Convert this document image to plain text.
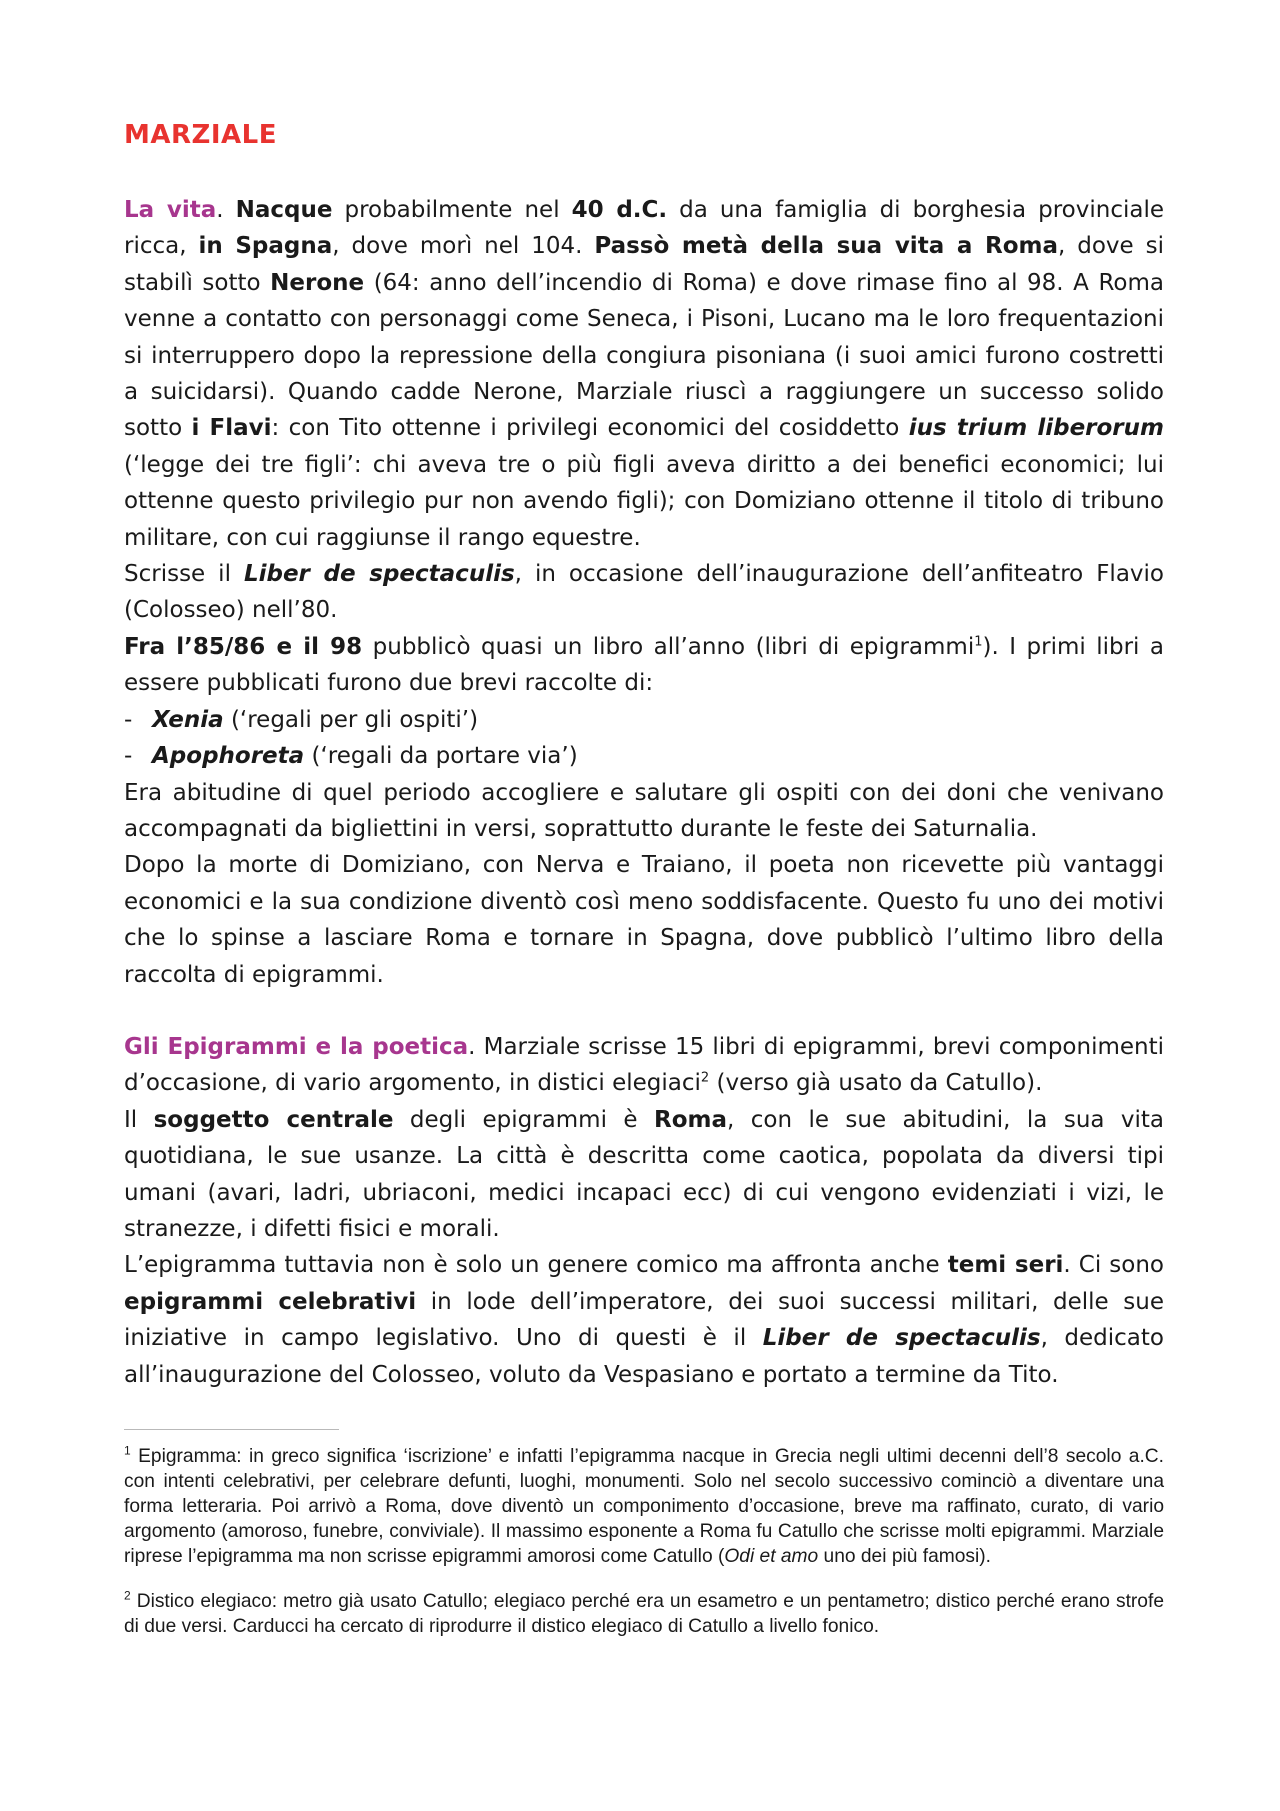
MARZIALE

La vita. Nacque probabilmente nel 40 d.C. da una famiglia di borghesia provinciale ricca, in Spagna, dove morì nel 104. Passò metà della sua vita a Roma, dove si stabilì sotto Nerone (64: anno dell’incendio di Roma) e dove rimase fino al 98. A Roma venne a contatto con personaggi come Seneca, i Pisoni, Lucano ma le loro frequentazioni si interruppero dopo la repressione della congiura pisoniana (i suoi amici furono costretti a suicidarsi). Quando cadde Nerone, Marziale riuscì a raggiungere un successo solido sotto i Flavi: con Tito ottenne i privilegi economici del cosiddetto ius trium liberorum (‘legge dei tre figli’: chi aveva tre o più figli aveva diritto a dei benefici economici; lui ottenne questo privilegio pur non avendo figli); con Domiziano ottenne il titolo di tribuno militare, con cui raggiunse il rango equestre.

Scrisse il Liber de spectaculis, in occasione dell’inaugurazione dell’anfiteatro Flavio (Colosseo) nell’80.

Fra l’85/86 e il 98 pubblicò quasi un libro all’anno (libri di epigrammi$^1$). I primi libri a essere pubblicati furono due brevi raccolte di:

- Xenia (‘regali per gli ospiti’)
- Apophoreta (‘regali da portare via’)

Era abitudine di quel periodo accogliere e salutare gli ospiti con dei doni che venivano accompagnati da bigliettini in versi, soprattutto durante le feste dei Saturnalia.

Dopo la morte di Domiziano, con Nerva e Traiano, il poeta non ricevette più vantaggi economici e la sua condizione diventò così meno soddisfacente. Questo fu uno dei motivi che lo spinse a lasciare Roma e tornare in Spagna, dove pubblicò l’ultimo libro della raccolta di epigrammi.

Gli Epigrammi e la poetica. Marziale scrisse 15 libri di epigrammi, brevi componimenti d’occasione, di vario argomento, in distici elegiaci$^2$ (verso già usato da Catullo).

Il soggetto centrale degli epigrammi è Roma, con le sue abitudini, la sua vita quotidiana, le sue usanze. La città è descritta come caotica, popolata da diversi tipi umani (avari, ladri, ubriaconi, medici incapaci ecc) di cui vengono evidenziati i vizi, le stranezze, i difetti fisici e morali.

L’epigramma tuttavia non è solo un genere comico ma affronta anche temi seri. Ci sono epigrammi celebrativi in lode dell’imperatore, dei suoi successi militari, delle sue iniziative in campo legislativo. Uno di questi è il Liber de spectaculis, dedicato all’inaugurazione del Colosseo, voluto da Vespasiano e portato a termine da Tito.

$^1$ Epigramma: in greco significa ‘iscrizione’ e infatti l’epigramma nacque in Grecia negli ultimi decenni dell’8 secolo a.C. con intenti celebrativi, per celebrare defunti, luoghi, monumenti. Solo nel secolo successivo cominciò a diventare una forma letteraria. Poi arrivò a Roma, dove diventò un componimento d’occasione, breve ma raffinato, curato, di vario argomento (amoroso, funebre, conviviale). Il massimo esponente a Roma fu Catullo che scrisse molti epigrammi. Marziale riprese l’epigramma ma non scrisse epigrammi amorosi come Catullo (Odi et amo uno dei più famosi).

$^2$ Distico elegiaco: metro già usato Catullo; elegiaco perché era un esametro e un pentametro; distico perché erano strofe di due versi. Carducci ha cercato di riprodurre il distico elegiaco di Catullo a livello fonico.
